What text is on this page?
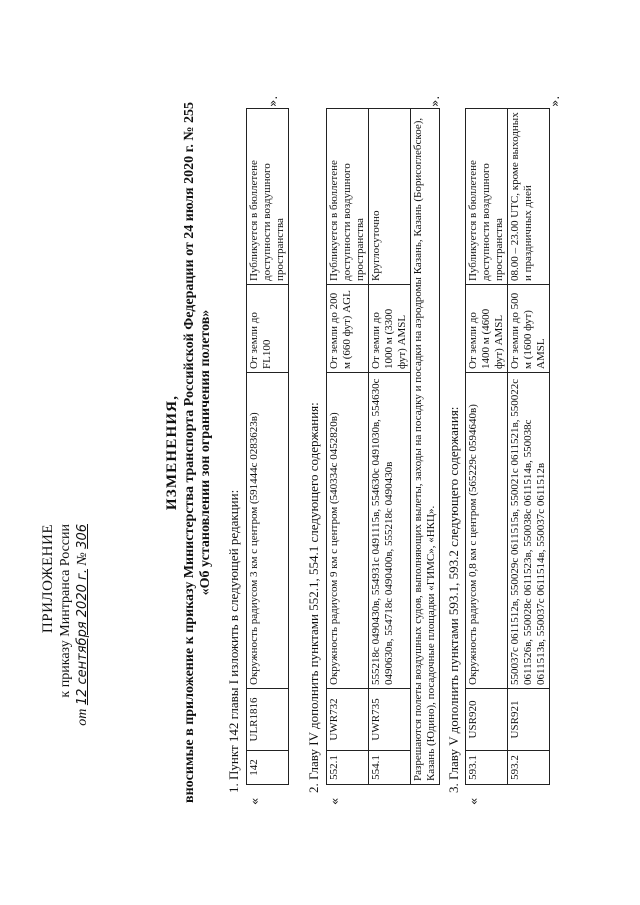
ПРИЛОЖЕНИЕ к приказу Минтранса России
от 12 сентября 2020 г. № 306
ИЗМЕНЕНИЯ, вносимые в приложение к приказу Министерства транспорта Российской Федерации от 24 июля 2020 г. № 255 «Об установлении зон ограничения полетов»
1. Пункт 142 главы I изложить в следующей редакции:
«
142	ULR1816	Окружность радиусом 3 км с центром (591444с 0283623в)	От земли до FL100	Публикуется в бюллетене доступности воздушного пространства
».
2. Главу IV дополнить пунктами 552.1, 554.1 следующего содержания:
«
552.1	UWR732	Окружность радиусом 9 км с центром (540334с 0452820в)	От земли до 200 м (660 фут) AGL	Публикуется в бюллетене доступности воздушного пространства
554.1	UWR735	555218с 0490430в, 554931с 0491115в, 554630с 0491030в, 554630с 0490630в, 554718с 0490400в, 555218с 0490430в	От земли до 1000 м (3300 фут) AMSL	Круглосуточно
Разрешаются полеты воздушных судов, выполняющих вылеты, заходы на посадку и посадки на аэродромы Казань, Казань (Борисоглебское), Казань (Юдино), посадочные площадки «ГИМС», «НКЦ».				
».
3. Главу V дополнить пунктами 593.1, 593.2 следующего содержания:
«
593.1	USR920	Окружность радиусом 0,8 км с центром (565229с 0594640в)	От земли до 1400 м (4600 фут) AMSL	Публикуется в бюллетене доступности воздушного пространства
593.2	USR921	550037с 0611512в, 550029с 0611515в, 550021с 0611521в, 550022с 0611526в, 550028с 0611523в, 550038с 0611514в, 550038с 0611513в, 550037с 0611514в, 550037с 0611512в	От земли до 500 м (1600 фут) AMSL	08.00 – 23.00 UTC, кроме выходных и праздничных дней
».
